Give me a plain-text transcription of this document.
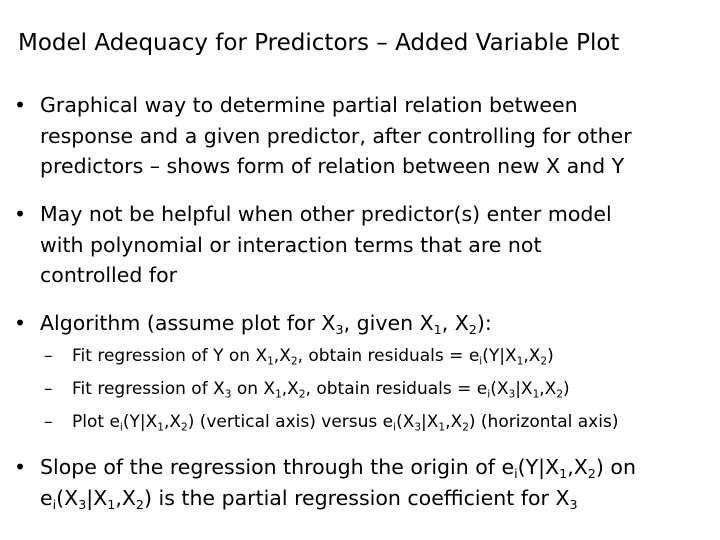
Model Adequacy for Predictors – Added Variable Plot
• Graphical way to determine partial relation between
response and a given predictor, after controlling for other
predictors – shows form of relation between new X and Y
• May not be helpful when other predictor(s) enter model
with polynomial or interaction terms that are not
controlled for
• Algorithm (assume plot for $X_3$, given $X_1$, $X_2$):
– Fit regression of Y on $X_1,X_2$, obtain residuals = $e_i(Y|X_1,X_2)$
– Fit regression of $X_3$ on $X_1,X_2$, obtain residuals = $e_i(X_3|X_1,X_2)$
– Plot $e_i(Y|X_1,X_2)$ (vertical axis) versus $e_i(X_3|X_1,X_2)$ (horizontal axis)
• Slope of the regression through the origin of $e_i(Y|X_1,X_2)$ on
$e_i(X_3|X_1,X_2)$ is the partial regression coefficient for $X_3$
